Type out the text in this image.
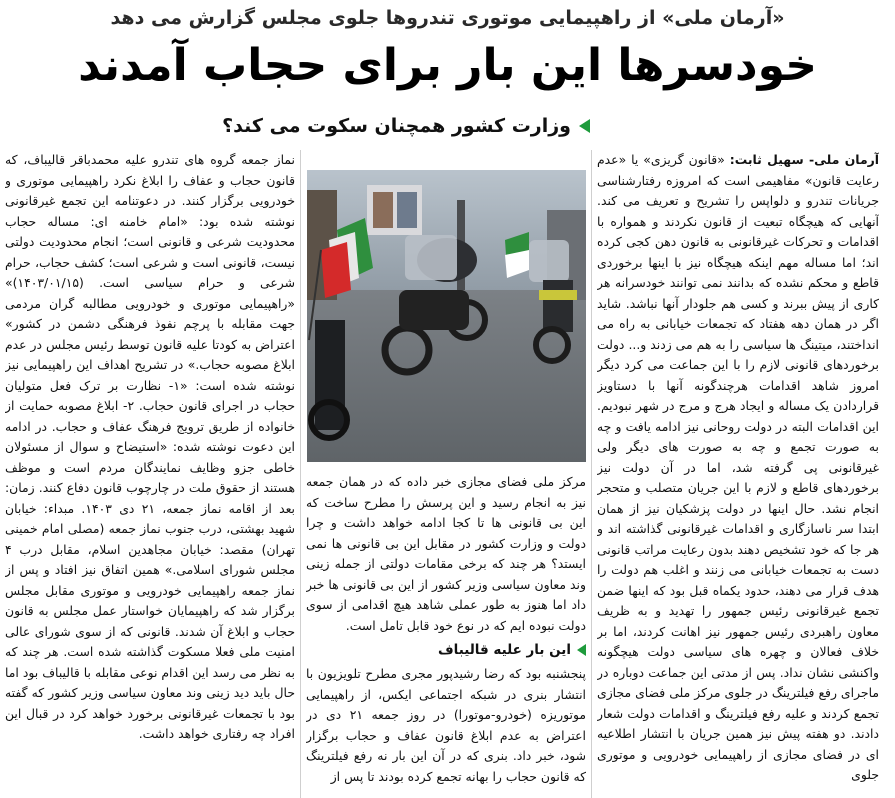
«آرمان ملی» از راهپیمایی موتوری تندروها جلوی مجلس گزارش می دهد
خودسرها این بار برای حجاب آمدند
وزارت کشور همچنان سکوت می کند؟

آرمان ملی- سهیل ثابت: «قانون گریزی» یا «عدم رعایت قانون» مفاهیمی است که امروزه رفتارشناسی جریانات تندرو و دلواپس را تشریح و تعریف می کند. آنهایی که هیچگاه تبعیت از قانون نکردند و همواره با اقدامات و تحرکات غیرقانونی به قانون دهن کجی کرده اند؛ اما مساله مهم اینکه هیچگاه نیز با اینها برخوردی قاطع و محکم نشده که بدانند نمی توانند خودسرانه هر کاری از پیش ببرند و کسی هم جلودار آنها نباشد. شاید اگر در همان دهه هفتاد که تجمعات خیابانی به راه می انداختند، میتینگ ها سیاسی را به هم می زدند و... دولت برخوردهای قانونی لازم را با این جماعت می کرد دیگر امروز شاهد اقدامات هرچندگونه آنها با دستاویز قراردادن یک مساله و ایجاد هرج و مرج در شهر نبودیم. این اقدامات البته در دولت روحانی نیز ادامه یافت و چه به صورت تجمع و چه به صورت های دیگر ولی غیرقانونی پی گرفته شد، اما در آن دولت نیز برخوردهای قاطع و لازم با این جریان متصلب و متحجر انجام نشد. حال اینها در دولت پزشکیان نیز از همان ابتدا سر ناسازگاری و اقدامات غیرقانونی گذاشته اند و هر جا که خود تشخیص دهند بدون رعایت مراتب قانونی دست به تجمعات خیابانی می زنند و اغلب هم دولت را هدف قرار می دهند، حدود یکماه قبل بود که اینها ضمن تجمع غیرقانونی رئیس جمهور را تهدید و به ظریف معاون راهبردی رئیس جمهور نیز اهانت کردند، اما بر خلاف فعالان و چهره های سیاسی دولت هیچگونه واکنشی نشان نداد. پس از مدتی این جماعت دوباره در ماجرای رفع فیلترینگ در جلوی مرکز ملی فضای مجازی تجمع کردند و علیه رفع فیلترینگ و اقدامات دولت شعار دادند. دو هفته پیش نیز همین جریان با انتشار اطلاعیه ای در فضای مجازی از راهپیمایی خودرویی و موتوری جلوی

مرکز ملی فضای مجازی خبر داده که در همان جمعه نیز به انجام رسید و این پرسش را مطرح ساخت که این بی قانونی ها تا کجا ادامه خواهد داشت و چرا دولت و وزارت کشور در مقابل این بی قانونی ها نمی ایستد؟ هر چند که برخی مقامات دولتی از جمله زینی وند معاون سیاسی وزیر کشور از این بی قانونی ها خبر داد اما هنوز به طور عملی شاهد هیچ اقدامی از سوی دولت نبوده ایم که در نوع خود قابل تامل است.

این بار علیه قالیباف

پنجشنبه بود که رضا رشیدپور مجری مطرح تلویزیون با انتشار بنری در شبکه اجتماعی ایکس، از راهپیمایی موتوریزه (خودرو-موتورا) در روز جمعه ۲۱ دی در اعتراض به عدم ابلاغ قانون عفاف و حجاب برگزار شود، خبر داد. بنری که در آن این بار نه رفع فیلترینگ که قانون حجاب را بهانه تجمع کرده بودند تا پس از

نماز جمعه گروه های تندرو علیه محمدباقر قالیباف، که قانون حجاب و عفاف را ابلاغ نکرد راهپیمایی موتوری و خودرویی برگزار کنند. در دعوتنامه این تجمع غیرقانونی نوشته شده بود: «امام خامنه ای: مساله حجاب محدودیت شرعی و قانونی است؛ انجام محدودیت دولتی نیست، قانونی است و شرعی است؛ کشف حجاب، حرام شرعی و حرام سیاسی است. (۱۴۰۳/۰۱/۱۵)» «راهپیمایی موتوری و خودرویی مطالبه گران مردمی جهت مقابله با پرچم نفوذ فرهنگی دشمن در کشور» اعتراض به کودتا علیه قانون توسط رئیس مجلس در عدم ابلاغ مصوبه حجاب.» در تشریح اهداف این راهپیمایی نیز نوشته شده است: «۱- نظارت بر ترک فعل متولیان حجاب در اجرای قانون حجاب. ۲- ابلاغ مصوبه حمایت از خانواده از طریق ترویج فرهنگ عفاف و حجاب. در ادامه این دعوت نوشته شده: «استیضاح و سوال از مسئولان خاطی جزو وظایف نمایندگان مردم است و موظف هستند از حقوق ملت در چارچوب قانون دفاع کنند. زمان: بعد از اقامه نماز جمعه، ۲۱ دی ۱۴۰۳. مبداء: خیابان شهید بهشتی، درب جنوب نماز جمعه (مصلی امام خمینی تهران) مقصد: خیابان مجاهدین اسلام، مقابل درب ۴ مجلس شورای اسلامی.» همین اتفاق نیز افتاد و پس از نماز جمعه راهپیمایی خودرویی و موتوری مقابل مجلس برگزار شد که راهپیمایان خواستار عمل مجلس به قانون حجاب و ابلاغ آن شدند. قانونی که از سوی شورای عالی امنیت ملی فعلا مسکوت گذاشته شده است. هر چند که به نظر می رسد این اقدام نوعی مقابله با قالیباف بود اما حال باید دید زینی وند معاون سیاسی وزیر کشور که گفته بود با تجمعات غیرقانونی برخورد خواهد کرد در قبال این افراد چه رفتاری خواهد داشت.
